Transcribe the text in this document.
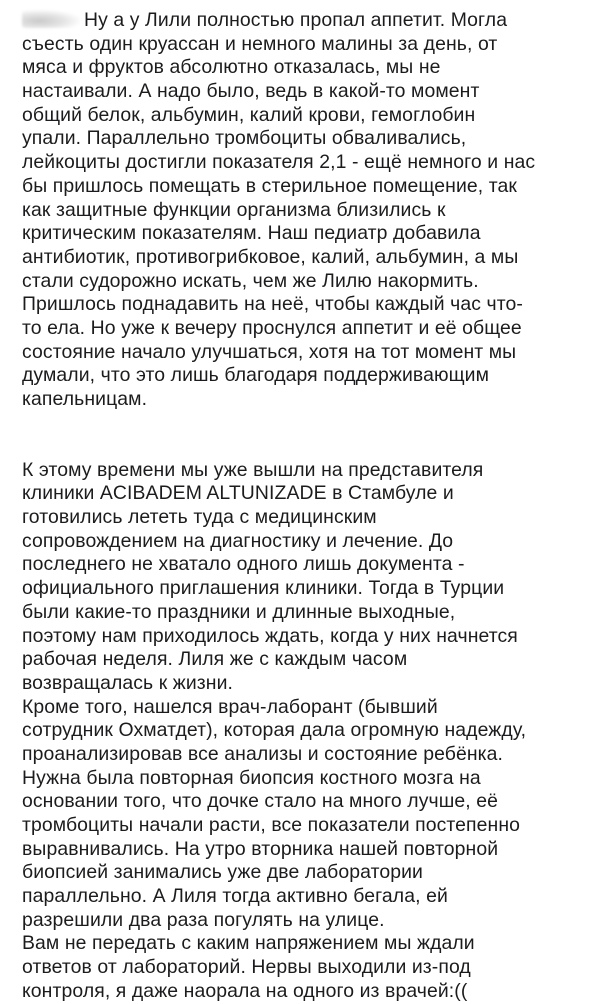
Ну а у Лили полностью пропал аппетит. Могла
съесть один круассан и немного малины за день, от
мяса и фруктов абсолютно отказалась, мы не
настаивали. А надо было, ведь в какой-то момент
общий белок, альбумин, калий крови, гемоглобин
упали. Параллельно тромбоциты обваливались,
лейкоциты достигли показателя 2,1 - ещё немного и нас
бы пришлось помещать в стерильное помещение, так
как защитные функции организма близились к
критическим показателям. Наш педиатр добавила
антибиотик, противогрибковое, калий, альбумин, а мы
стали судорожно искать, чем же Лилю накормить.
Пришлось поднадавить на неё, чтобы каждый час что-
то ела. Но уже к вечеру проснулся аппетит и её общее
состояние начало улучшаться, хотя на тот момент мы
думали, что это лишь благодаря поддерживающим
капельницам.
К этому времени мы уже вышли на представителя
клиники ACIBADEM ALTUNIZADE в Стамбуле и
готовились лететь туда с медицинским
сопровождением на диагностику и лечение. До
последнего не хватало одного лишь документа -
официального приглашения клиники. Тогда в Турции
были какие-то праздники и длинные выходные,
поэтому нам приходилось ждать, когда у них начнется
рабочая неделя. Лиля же с каждым часом
возвращалась к жизни.
Кроме того, нашелся врач-лаборант (бывший
сотрудник Охматдет), которая дала огромную надежду,
проанализировав все анализы и состояние ребёнка.
Нужна была повторная биопсия костного мозга на
основании того, что дочке стало на много лучше, её
тромбоциты начали расти, все показатели постепенно
выравнивались. На утро вторника нашей повторной
биопсией занимались уже две лаборатории
параллельно. А Лиля тогда активно бегала, ей
разрешили два раза погулять на улице.
Вам не передать с каким напряжением мы ждали
ответов от лабораторий. Нервы выходили из-под
контроля, я даже наорала на одного из врачей:((
